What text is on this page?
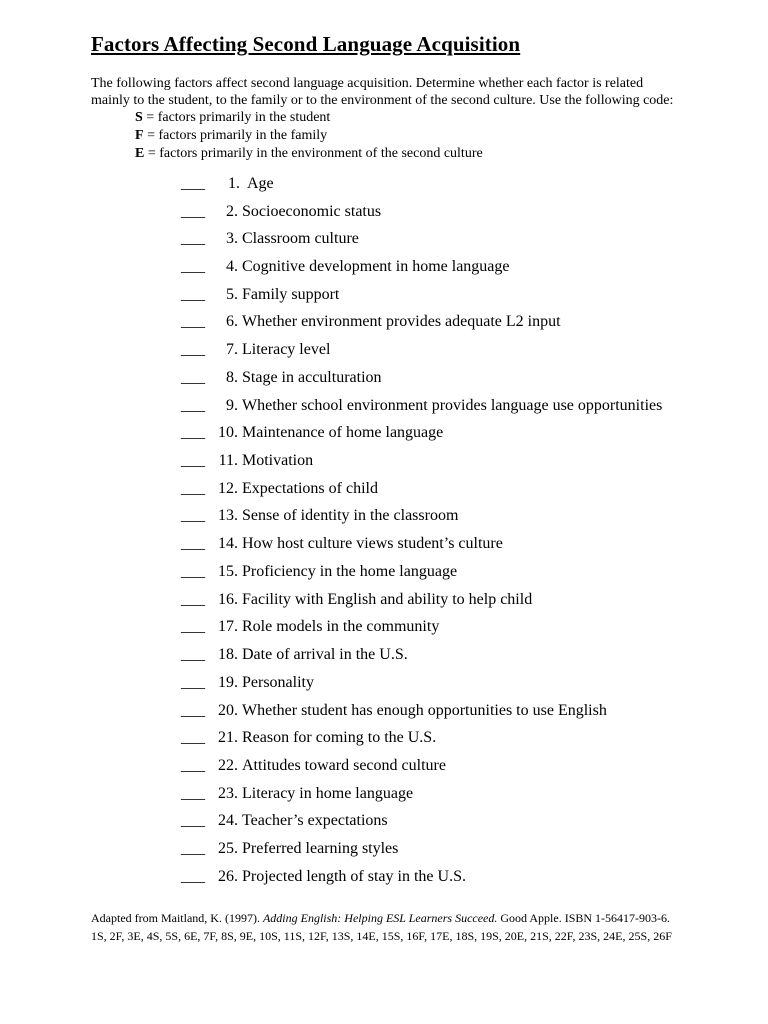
Factors Affecting Second Language Acquisition

The following factors affect second language acquisition. Determine whether each factor is related

mainly to the student, to the family or to the environment of the second culture. Use the following code:

S = factors primarily in the student
F = factors primarily in the family
E = factors primarily in the environment of the second culture
___	1. Age
___	2. Socioeconomic status
___	3. Classroom culture
___	4. Cognitive development in home language
___	5. Family support
___	6. Whether environment provides adequate L2 input
___	7. Literacy level
___	8. Stage in acculturation
___	9. Whether school environment provides language use opportunities
___ 10. Maintenance of home language
___ 11. Motivation
___ 12. Expectations of child
___ 13. Sense of identity in the classroom
___ 14. How host culture views student’s culture
___ 15. Proficiency in the home language
___ 16. Facility with English and ability to help child
___ 17. Role models in the community
___ 18. Date of arrival in the U.S.
___ 19. Personality
___ 20. Whether student has enough opportunities to use English
___ 21. Reason for coming to the U.S.
___ 22. Attitudes toward second culture
___ 23. Literacy in home language
___ 24. Teacher’s expectations
___ 25. Preferred learning styles
___ 26. Projected length of stay in the U.S.
Adapted from Maitland, K. (1997). Adding English: Helping ESL Learners Succeed. Good Apple. ISBN 1-56417-903-6.
1S, 2F, 3E, 4S, 5S, 6E, 7F, 8S, 9E, 10S, 11S, 12F, 13S, 14E, 15S, 16F, 17E, 18S, 19S, 20E, 21S, 22F, 23S, 24E, 25S, 26F
